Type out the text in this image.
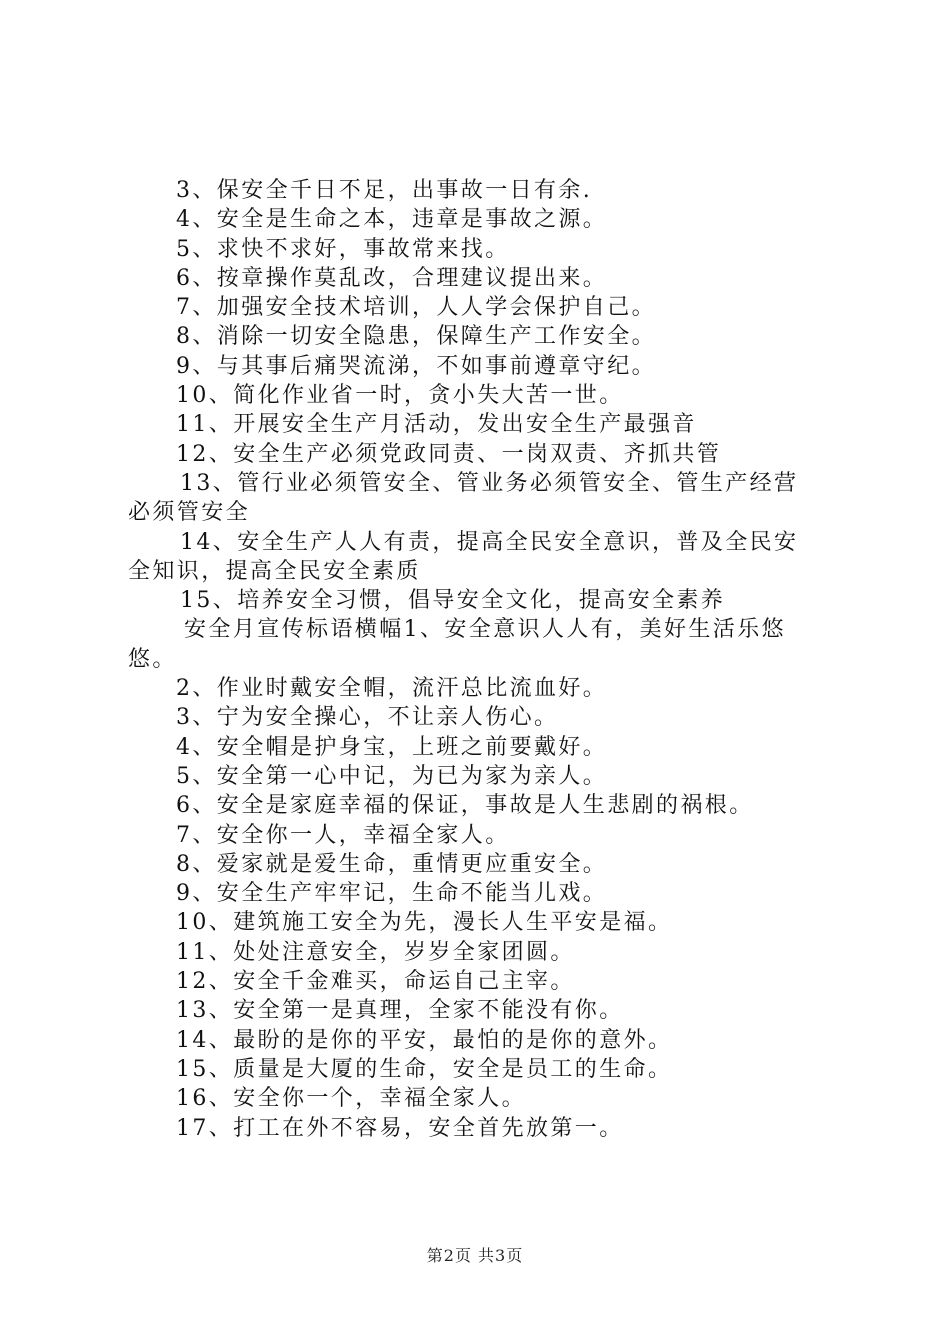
3、保安全千日不足，出事故一日有余.

4、安全是生命之本，违章是事故之源。

5、求快不求好，事故常来找。

6、按章操作莫乱改，合理建议提出来。

7、加强安全技术培训，人人学会保护自己。

8、消除一切安全隐患，保障生产工作安全。

9、与其事后痛哭流涕，不如事前遵章守纪。

10、简化作业省一时，贪小失大苦一世。

11、开展安全生产月活动，发出安全生产最强音

12、安全生产必须党政同责、一岗双责、齐抓共管

13、管行业必须管安全、管业务必须管安全、管生产经营

必须管安全

14、安全生产人人有责，提高全民安全意识，普及全民安

全知识，提高全民安全素质

15、培养安全习惯，倡导安全文化，提高安全素养

安全月宣传标语横幅1、安全意识人人有，美好生活乐悠

悠。

2、作业时戴安全帽，流汗总比流血好。

3、宁为安全操心，不让亲人伤心。

4、安全帽是护身宝，上班之前要戴好。

5、安全第一心中记，为已为家为亲人。

6、安全是家庭幸福的保证，事故是人生悲剧的祸根。

7、安全你一人，幸福全家人。

8、爱家就是爱生命，重情更应重安全。

9、安全生产牢牢记，生命不能当儿戏。

10、建筑施工安全为先，漫长人生平安是福。

11、处处注意安全，岁岁全家团圆。

12、安全千金难买，命运自己主宰。

13、安全第一是真理，全家不能没有你。

14、最盼的是你的平安，最怕的是你的意外。

15、质量是大厦的生命，安全是员工的生命。

16、安全你一个，幸福全家人。

17、打工在外不容易，安全首先放第一。

第2页 共3页
